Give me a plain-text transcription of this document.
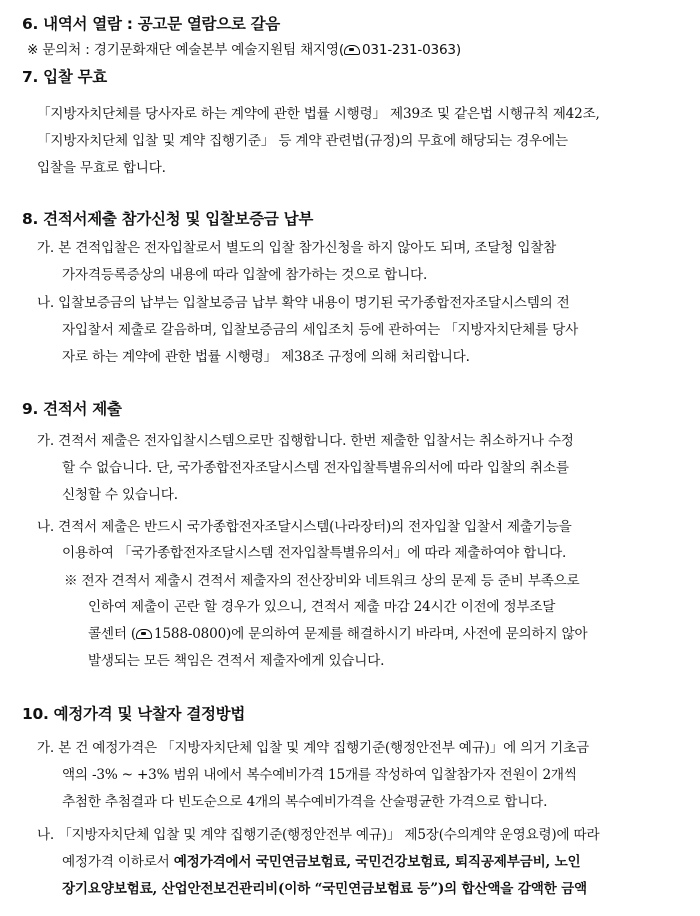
6. 내역서 열람 : 공고문 열람으로 갈음
※ 문의처 : 경기문화재단 예술본부 예술지원팀 채지영( 031-231-0363)
7. 입찰 무효
「지방자치단체를 당사자로 하는 계약에 관한 법률 시행령」 제39조 및 같은법 시행규칙 제42조,
「지방자치단체 입찰 및 계약 집행기준」 등 계약 관련법(규정)의 무효에 해당되는 경우에는
입찰을 무효로 합니다.
8. 견적서제출 참가신청 및 입찰보증금 납부
가. 본 견적입찰은 전자입찰로서 별도의 입찰 참가신청을 하지 않아도 되며, 조달청 입찰참
가자격등록증상의 내용에 따라 입찰에 참가하는 것으로 합니다.
나. 입찰보증금의 납부는 입찰보증금 납부 확약 내용이 명기된 국가종합전자조달시스템의 전
자입찰서 제출로 갈음하며, 입찰보증금의 세입조치 등에 관하여는 「지방자치단체를 당사
자로 하는 계약에 관한 법률 시행령」 제38조 규정에 의해 처리합니다.
9. 견적서 제출
가. 견적서 제출은 전자입찰시스템으로만 집행합니다. 한번 제출한 입찰서는 취소하거나 수정
할 수 없습니다. 단, 국가종합전자조달시스템 전자입찰특별유의서에 따라 입찰의 취소를
신청할 수 있습니다.
나. 견적서 제출은 반드시 국가종합전자조달시스템(나라장터)의 전자입찰 입찰서 제출기능을
이용하여 「국가종합전자조달시스템 전자입찰특별유의서」에 따라 제출하여야 합니다.
※ 전자 견적서 제출시 견적서 제출자의 전산장비와 네트워크 상의 문제 등 준비 부족으로
인하여 제출이 곤란 할 경우가 있으니, 견적서 제출 마감 24시간 이전에 정부조달
콜센터 ( 1588-0800)에 문의하여 문제를 해결하시기 바라며, 사전에 문의하지 않아
발생되는 모든 책임은 견적서 제출자에게 있습니다.
10. 예정가격 및 낙찰자 결정방법
가. 본 건 예정가격은 「지방자치단체 입찰 및 계약 집행기준(행정안전부 예규)」에 의거 기초금
액의 -3% ~ +3% 범위 내에서 복수예비가격 15개를 작성하여 입찰참가자 전원이 2개씩
추첨한 추첨결과 다 빈도순으로 4개의 복수예비가격을 산술평균한 가격으로 합니다.
나. 「지방자치단체 입찰 및 계약 집행기준(행정안전부 예규)」 제5장(수의계약 운영요령)에 따라
예정가격 이하로서 예정가격에서 국민연금보험료, 국민건강보험료, 퇴직공제부금비, 노인
장기요양보험료, 산업안전보건관리비(이하 “국민연금보험료 등”)의 합산액을 감액한 금액
